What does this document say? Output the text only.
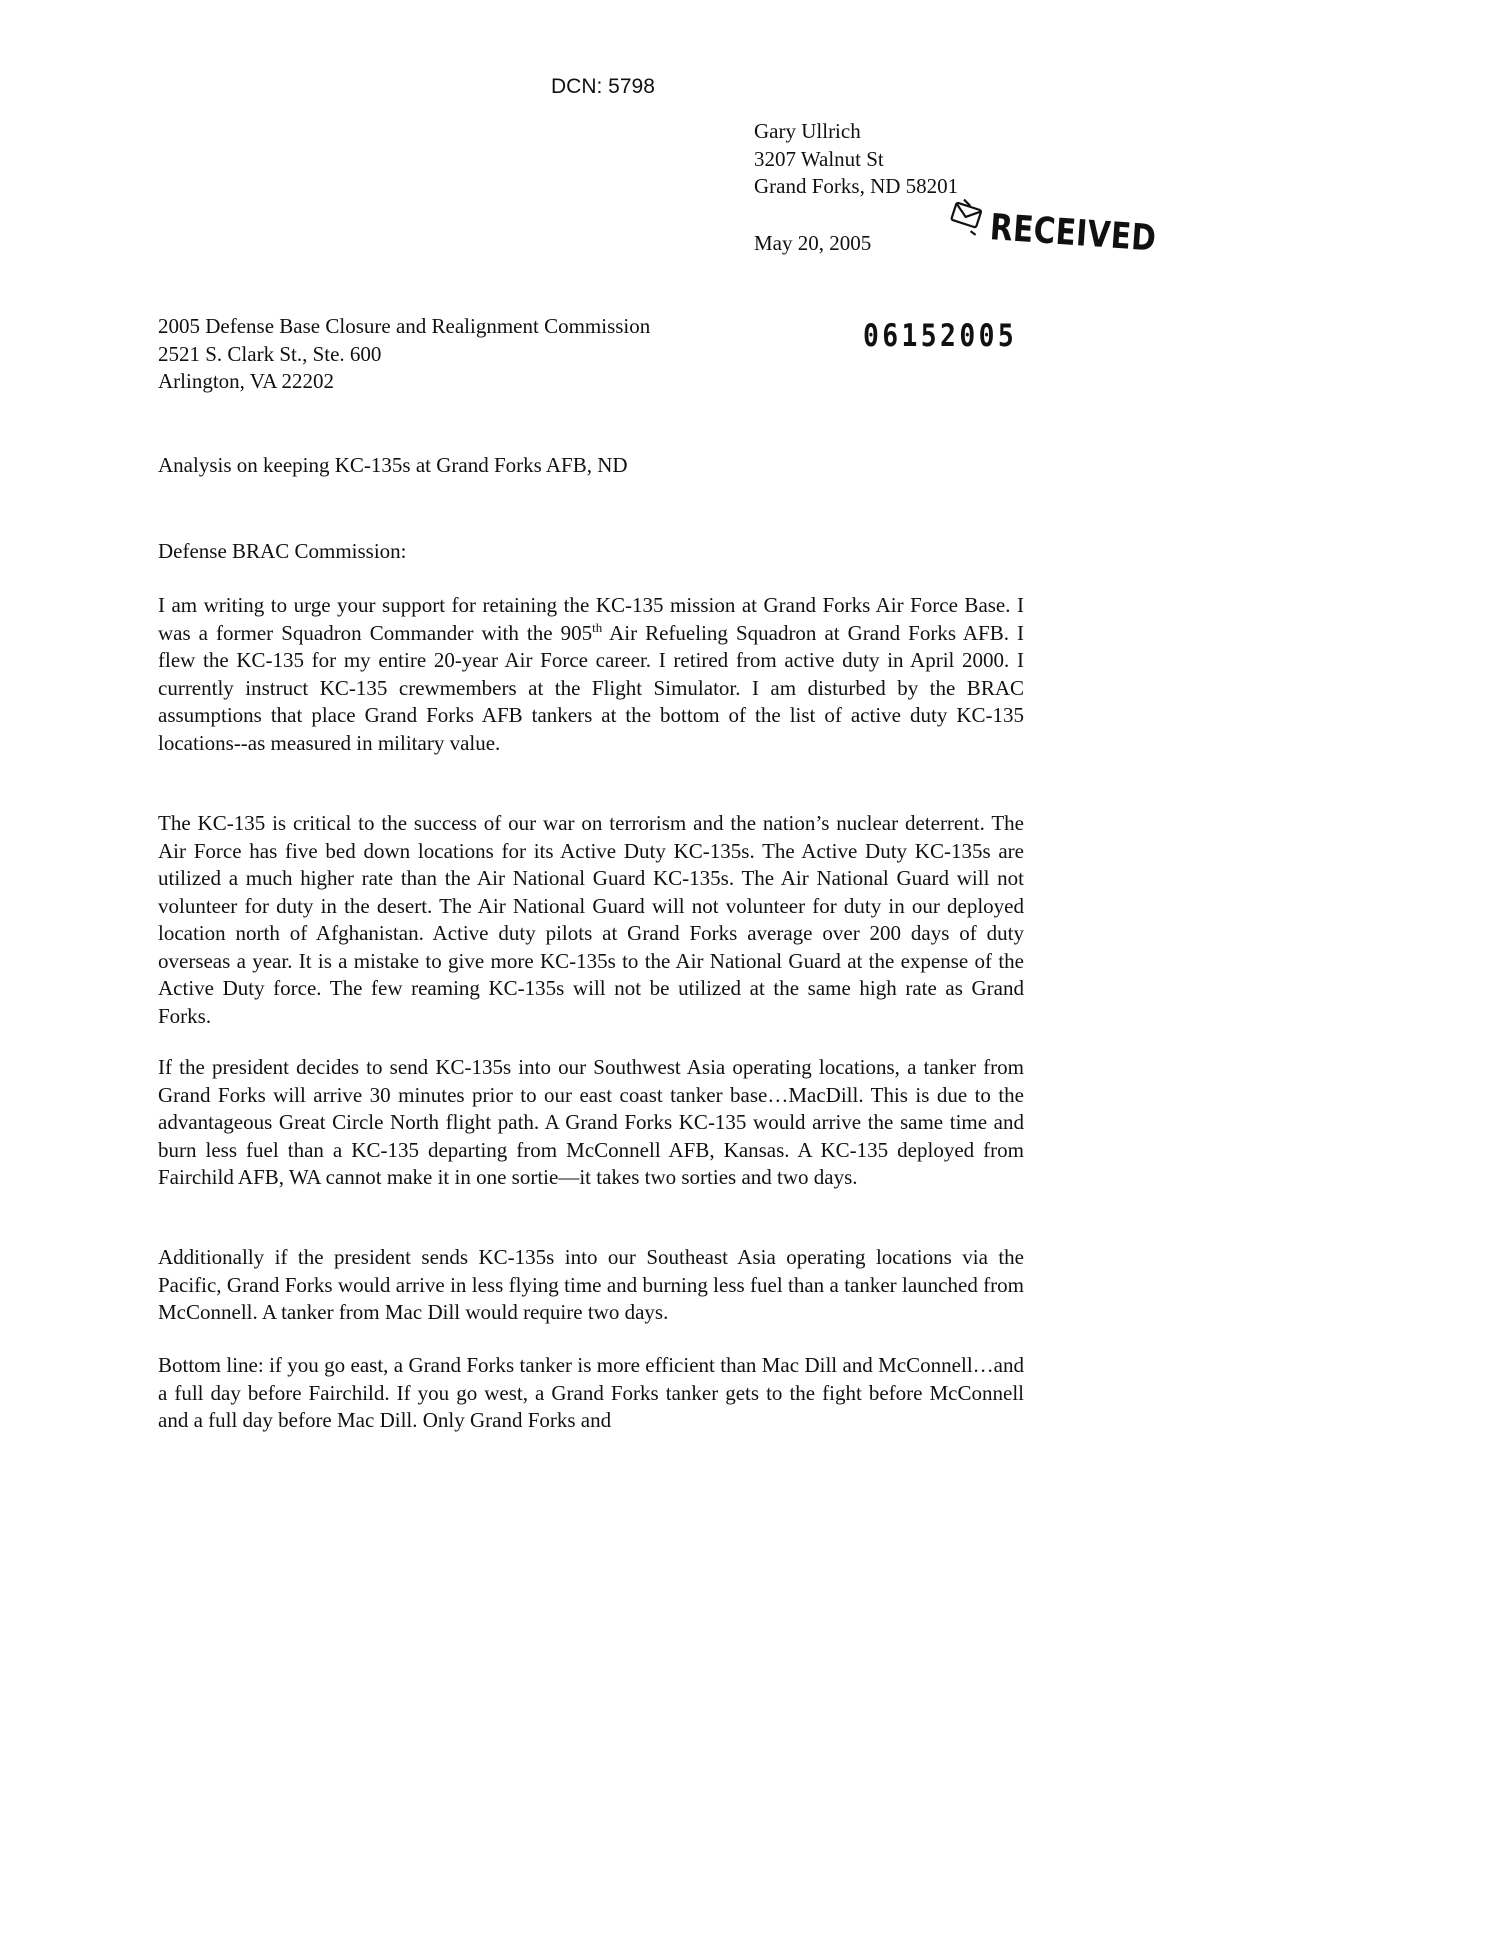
DCN: 5798
Gary Ullrich
3207 Walnut St
Grand Forks, ND 58201
May 20, 2005	RECEIVED
06152005
2005 Defense Base Closure and Realignment Commission
2521 S. Clark St., Ste. 600
Arlington, VA 22202
Analysis on keeping KC-135s at Grand Forks AFB, ND
Defense BRAC Commission:
I am writing to urge your support for retaining the KC-135 mission at Grand Forks Air Force Base. I was a former Squadron Commander with the 905th Air Refueling Squadron at Grand Forks AFB. I flew the KC-135 for my entire 20-year Air Force career. I retired from active duty in April 2000. I currently instruct KC-135 crewmembers at the Flight Simulator. I am disturbed by the BRAC assumptions that place Grand Forks AFB tankers at the bottom of the list of active duty KC-135 locations--as measured in military value.
The KC-135 is critical to the success of our war on terrorism and the nation’s nuclear deterrent. The Air Force has five bed down locations for its Active Duty KC-135s. The Active Duty KC-135s are utilized a much higher rate than the Air National Guard KC-135s. The Air National Guard will not volunteer for duty in the desert. The Air National Guard will not volunteer for duty in our deployed location north of Afghanistan. Active duty pilots at Grand Forks average over 200 days of duty overseas a year. It is a mistake to give more KC-135s to the Air National Guard at the expense of the Active Duty force. The few reaming KC-135s will not be utilized at the same high rate as Grand Forks.
If the president decides to send KC-135s into our Southwest Asia operating locations, a tanker from Grand Forks will arrive 30 minutes prior to our east coast tanker base…MacDill. This is due to the advantageous Great Circle North flight path. A Grand Forks KC-135 would arrive the same time and burn less fuel than a KC-135 departing from McConnell AFB, Kansas. A KC-135 deployed from Fairchild AFB, WA cannot make it in one sortie—it takes two sorties and two days.
Additionally if the president sends KC-135s into our Southeast Asia operating locations via the Pacific, Grand Forks would arrive in less flying time and burning less fuel than a tanker launched from McConnell. A tanker from Mac Dill would require two days.
Bottom line: if you go east, a Grand Forks tanker is more efficient than Mac Dill and McConnell…and a full day before Fairchild. If you go west, a Grand Forks tanker gets to the fight before McConnell and a full day before Mac Dill. Only Grand Forks and
